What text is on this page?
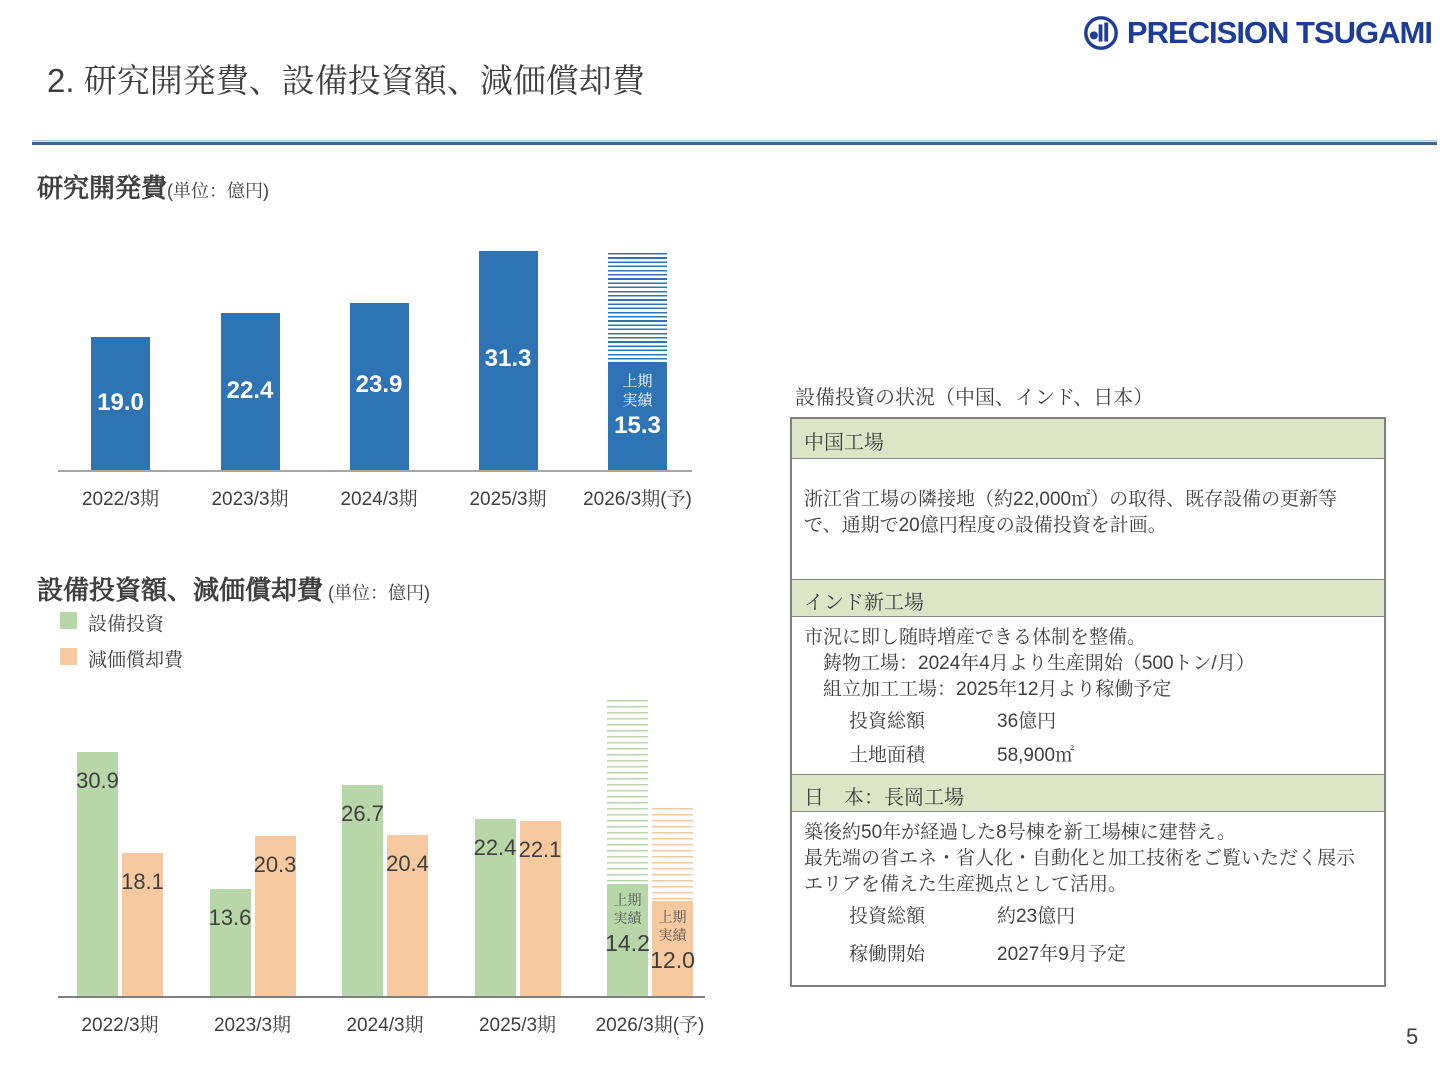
PRECISION TSUGAMI
2. 研究開発費、設備投資額、減価償却費
研究開発費(単位：億円)
設備投資額、減価償却費 (単位：億円)
設備投資
減価償却費
2022/3期
19.0
2023/3期
22.4
2024/3期
23.9
2025/3期
31.3
2026/3期(予)
上期実績
15.3
2022/3期	2023/3期	2024/3期	2025/3期	2026/3期(予)
30.9
13.6
26.7
22.4
上期実績
14.2
18.1
20.3	20.4
22.1
上期実績
12.0
設備投資の状況（中国、インド、日本）
中国工場

浙江省工場の隣接地（約22,000㎡）の取得、既存設備の更新等で、通期で20億円程度の設備投資を計画。

インド新工場

市況に即し随時増産できる体制を整備。

　鋳物工場：2024年4月より生産開始（500トン/月）

　組立加工工場：2025年12月より稼働予定

投資総額	36億円
土地面積	58,900㎡
日　本：長岡工場

築後約50年が経過した8号棟を新工場棟に建替え。

最先端の省エネ・省人化・自動化と加工技術をご覧いただく展示エリアを備えた生産拠点として活用。

投資総額	約23億円
稼働開始	2027年9月予定
5
